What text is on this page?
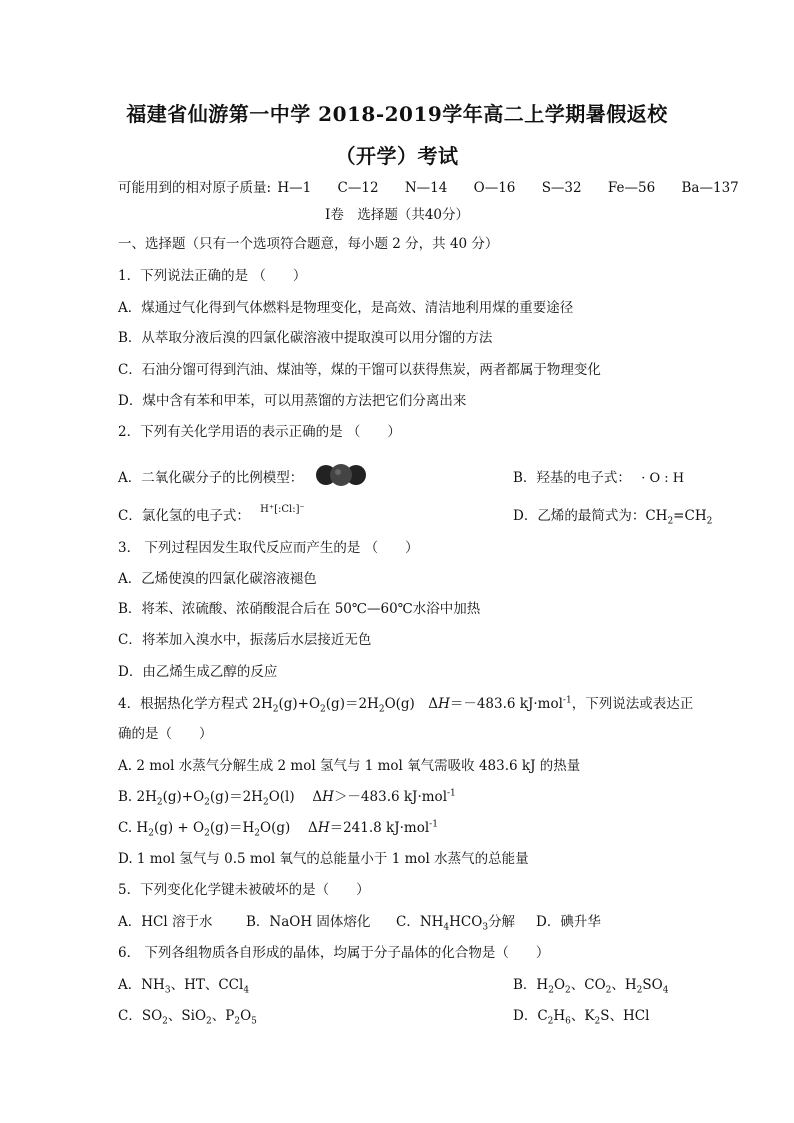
福建省仙游第一中学 2018-2019学年高二上学期暑假返校
（开学）考试
可能用到的相对原子质量: H—1 C—12 N—14 O—16 S—32 Fe—56 Ba—137
Ⅰ卷　选择题（共40分）
一、选择题（只有一个选项符合题意，每小题 2 分，共 40 分）
1．下列说法正确的是 （　　）
A．煤通过气化得到气体燃料是物理变化，是高效、清洁地利用煤的重要途径
B．从萃取分液后溴的四氯化碳溶液中提取溴可以用分馏的方法
C．石油分馏可得到汽油、煤油等，煤的干馏可以获得焦炭，两者都属于物理变化
D．煤中含有苯和甲苯，可以用蒸馏的方法把它们分离出来
2．下列有关化学用语的表示正确的是 （　　）
A．二氧化碳分子的比例模型：	B．羟基的电子式： · O : H
C．氯化氢的电子式： H⁺[:Cl:]⁻	D．乙烯的最简式为：$CH_2=CH_2$
3． 下列过程因发生取代反应而产生的是 （　　）
A．乙烯使溴的四氯化碳溶液褪色
B．将苯、浓硫酸、浓硝酸混合后在 50℃—60℃水浴中加热
C．将苯加入溴水中，振荡后水层接近无色
D．由乙烯生成乙醇的反应
4．根据热化学方程式 $2H_2(g)+O_2(g)=2H_2O(g)$　ΔH＝－483.6 kJ·mol$^{-1}$，下列说法或表达正
确的是（　　）
A. 2 mol 水蒸气分解生成 2 mol 氢气与 1 mol 氧气需吸收 483.6 kJ 的热量
B. $2H_2(g)+O_2(g)=2H_2O(l)$　 ΔH＞－483.6 kJ·mol$^{-1}$
C. $H_2(g) + O_2(g)=H_2O(g)$　 ΔH＝241.8 kJ·mol$^{-1}$
D. 1 mol 氢气与 0.5 mol 氧气的总能量小于 1 mol 水蒸气的总能量
5．下列变化化学键未被破坏的是（　　）
A．HCl 溶于水 B．NaOH 固体熔化 C．$NH_4HCO_3$分解 D．碘升华
6． 下列各组物质各自形成的晶体，均属于分子晶体的化合物是（　　）
A．$NH_3$、HT、CCl$_4$	B．$H_2O_2$、$CO_2$、$H_2SO_4$
C．$SO_2$、SiO$_2$、$P_2O_5$	D．$C_2H_6$、$K_2S$、HCl
